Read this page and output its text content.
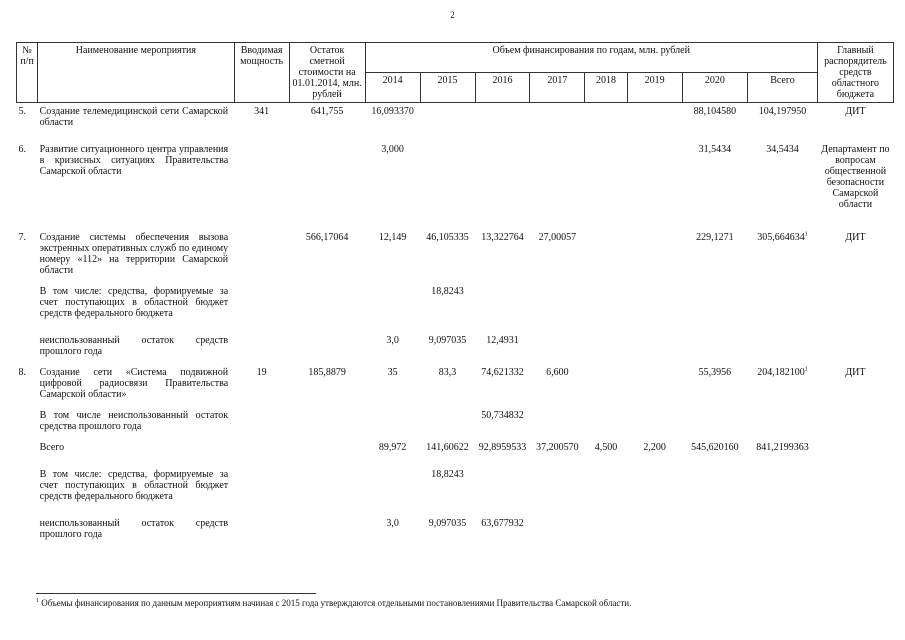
2
№ п/п	Наименование мероприятия	Вводимая мощность	Остаток сметной стоимости на 01.01.2014, млн. рублей	Объем финансирования по годам, млн. рублей								Главный распорядитель средств областного бюджета
				2014	2015	2016	2017	2018	2019	2020	Всего	
5.	Создание телемедицинской сети Самарской области	341	641,755	16,093370						88,104580	104,197950	ДИТ
6.	Развитие ситуационного центра управления в кризисных ситуациях Правительства Самарской области			3,000						31,5434	34,5434	Департамент по вопросам общественной безопасности Самарской области
7.	Создание системы обеспечения вызова экстренных оперативных служб по единому номеру «112» на территории Самарской области		566,17064	12,149	46,105335	13,322764	27,00057			229,1271	305,664634$^1$	ДИТ
	В том числе: средства, формируемые за счет поступающих в областной бюджет средств федерального бюджета				18,8243							
	неиспользованный остаток средств прошлого года			3,0	9,097035	12,4931						
8.	Создание сети «Система подвижной цифровой радиосвязи Правительства Самарской области»	19	185,8879	35	83,3	74,621332	6,600			55,3956	204,182100$^1$	ДИТ
	В том числе неиспользованный остаток средства прошлого года					50,734832						
	Всего			89,972	141,60622	92,8959533	37,200570	4,500	2,200	545,620160	841,2199363	
	В том числе: средства, формируемые за счет поступающих в областной бюджет средств федерального бюджета				18,8243							
	неиспользованный остаток средств прошлого года			3,0	9,097035	63,677932						
$^1$ Объемы финансирования по данным мероприятиям начиная с 2015 года утверждаются отдельными постановлениями Правительства Самарской области.
